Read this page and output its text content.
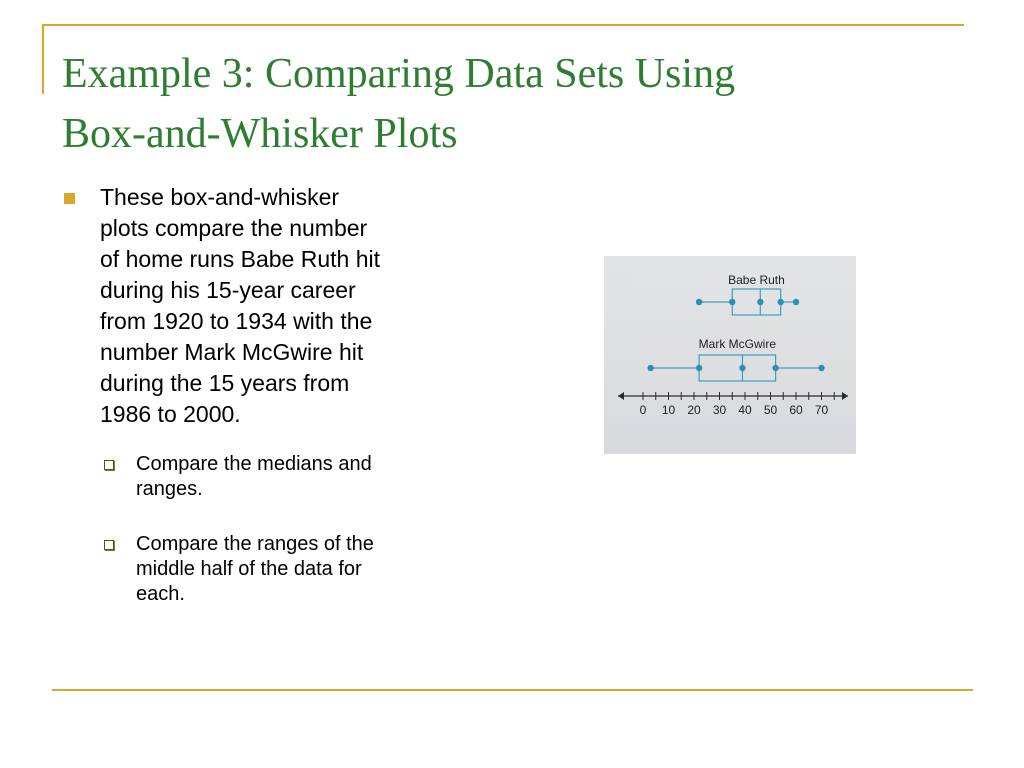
Example 3: Comparing Data Sets Using
Box-and-Whisker Plots
These box-and-whisker
plots compare the number
of home runs Babe Ruth hit
during his 15-year career
from 1920 to 1934 with the
number Mark McGwire hit
during the 15 years from
1986 to 2000.
Compare the medians and
ranges.
Compare the ranges of the
middle half of the data for
each.
Babe Ruth
Mark McGwire
0 10 20 30 40 50 60 70
